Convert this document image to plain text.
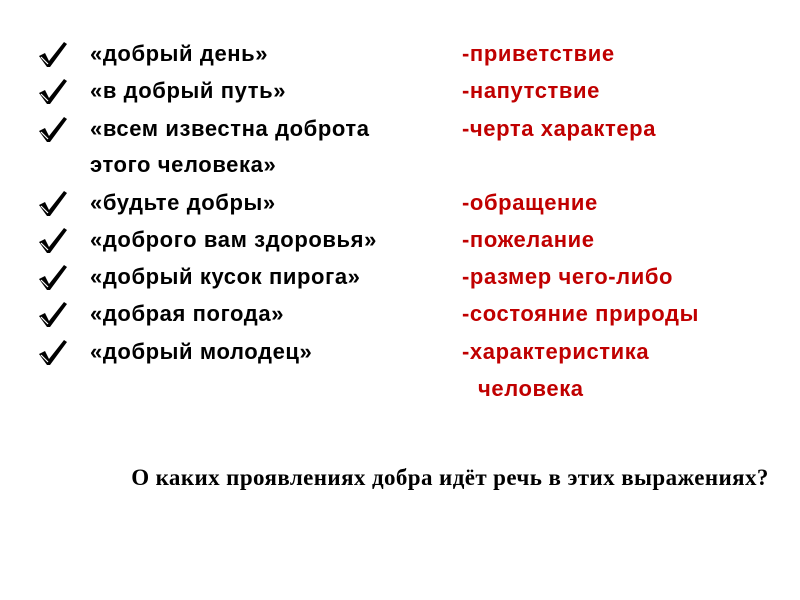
«добрый день»	-приветствие
«в добрый путь»	-напутствие
«всем известна доброта	-черта характера
этого человека»
«будьте добры»	-обращение
«доброго вам здоровья»	-пожелание
«добрый кусок пирога»	-размер чего-либо
«добрая погода»	-состояние природы
«добрый молодец»	-характеристика
человека
О каких проявлениях добра идёт речь в этих выражениях?
